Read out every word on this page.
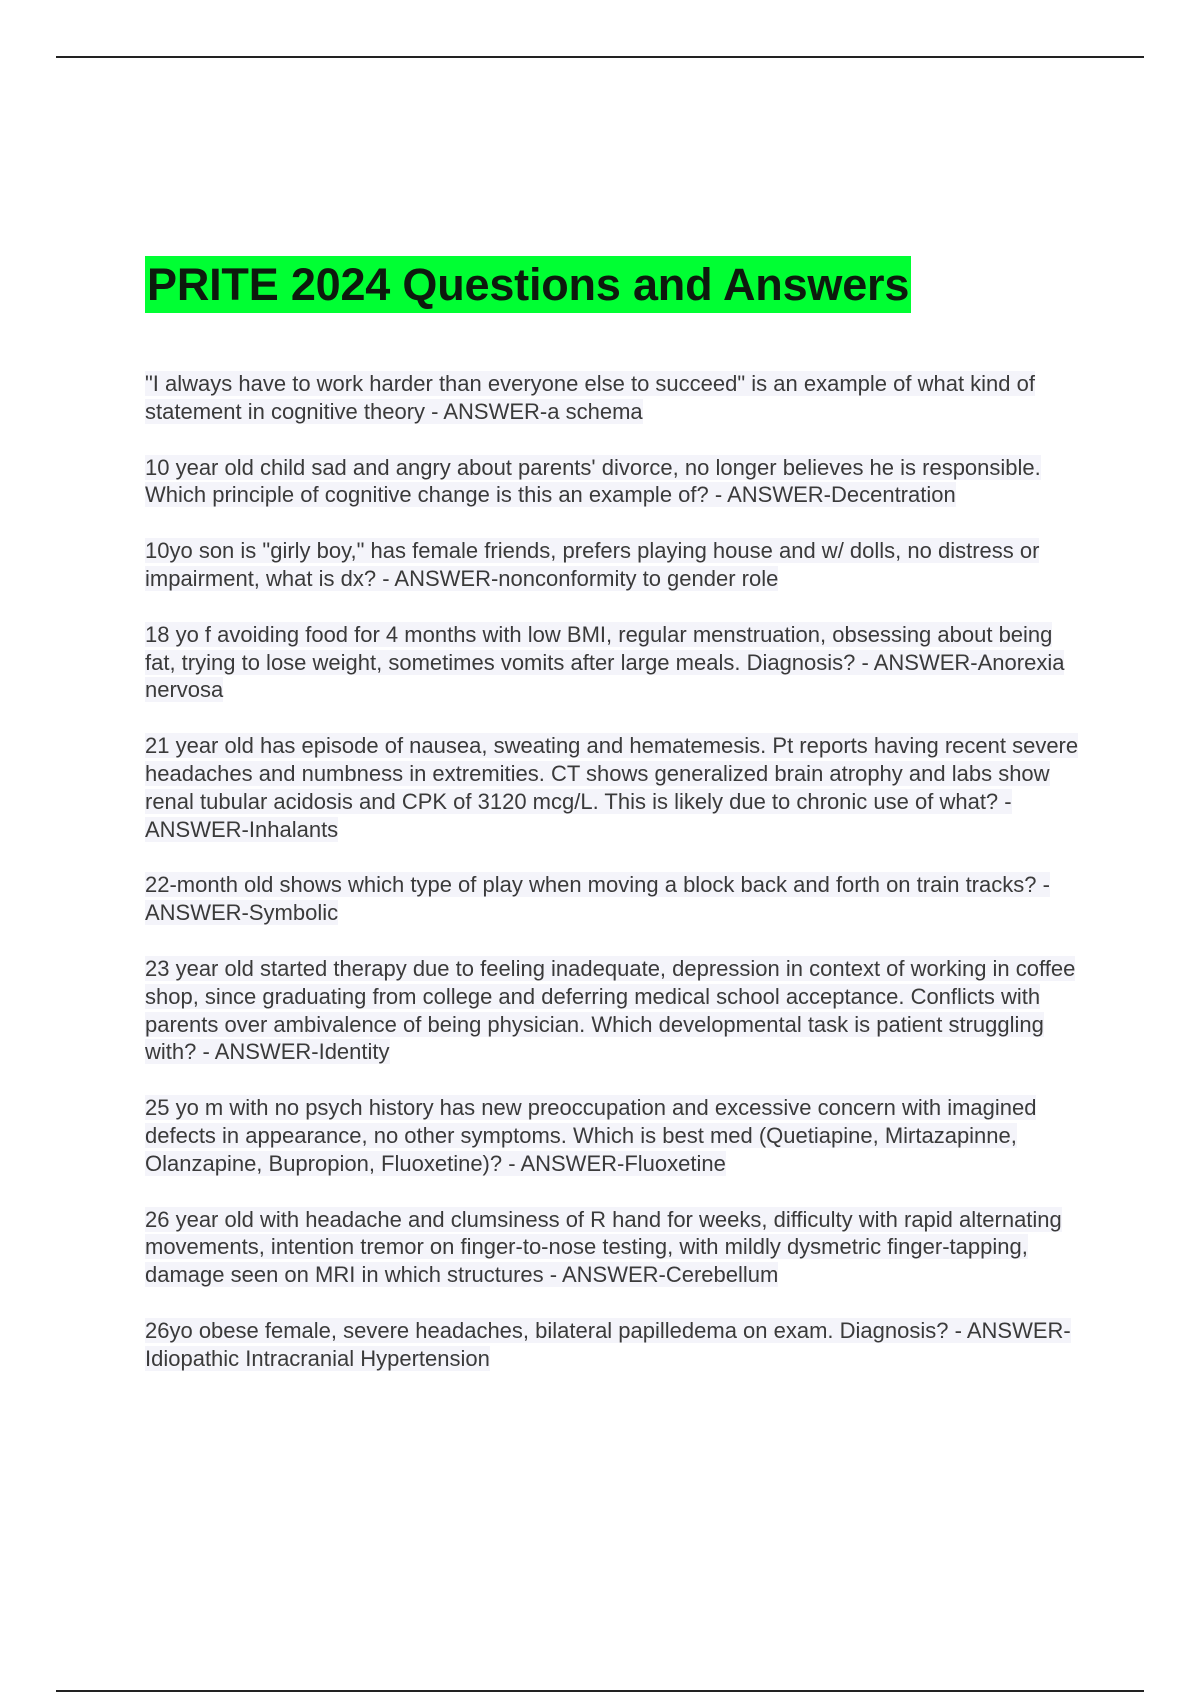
PRITE 2024 Questions and Answers

"I always have to work harder than everyone else to succeed" is an example of what kind of statement in cognitive theory - ANSWER-a schema

10 year old child sad and angry about parents' divorce, no longer believes he is responsible. Which principle of cognitive change is this an example of? - ANSWER-Decentration

10yo son is "girly boy," has female friends, prefers playing house and w/ dolls, no distress or impairment, what is dx? - ANSWER-nonconformity to gender role

18 yo f avoiding food for 4 months with low BMI, regular menstruation, obsessing about being fat, trying to lose weight, sometimes vomits after large meals. Diagnosis? - ANSWER-Anorexia nervosa

21 year old has episode of nausea, sweating and hematemesis. Pt reports having recent severe headaches and numbness in extremities. CT shows generalized brain atrophy and labs show renal tubular acidosis and CPK of 3120 mcg/L. This is likely due to chronic use of what? - ANSWER-Inhalants

22-month old shows which type of play when moving a block back and forth on train tracks? - ANSWER-Symbolic

23 year old started therapy due to feeling inadequate, depression in context of working in coffee shop, since graduating from college and deferring medical school acceptance. Conflicts with parents over ambivalence of being physician. Which developmental task is patient struggling with? - ANSWER-Identity

25 yo m with no psych history has new preoccupation and excessive concern with imagined defects in appearance, no other symptoms. Which is best med (Quetiapine, Mirtazapinne, Olanzapine, Bupropion, Fluoxetine)? - ANSWER-Fluoxetine

26 year old with headache and clumsiness of R hand for weeks, difficulty with rapid alternating movements, intention tremor on finger-to-nose testing, with mildly dysmetric finger-tapping, damage seen on MRI in which structures - ANSWER-Cerebellum

26yo obese female, severe headaches, bilateral papilledema on exam. Diagnosis? - ANSWER-Idiopathic Intracranial Hypertension
